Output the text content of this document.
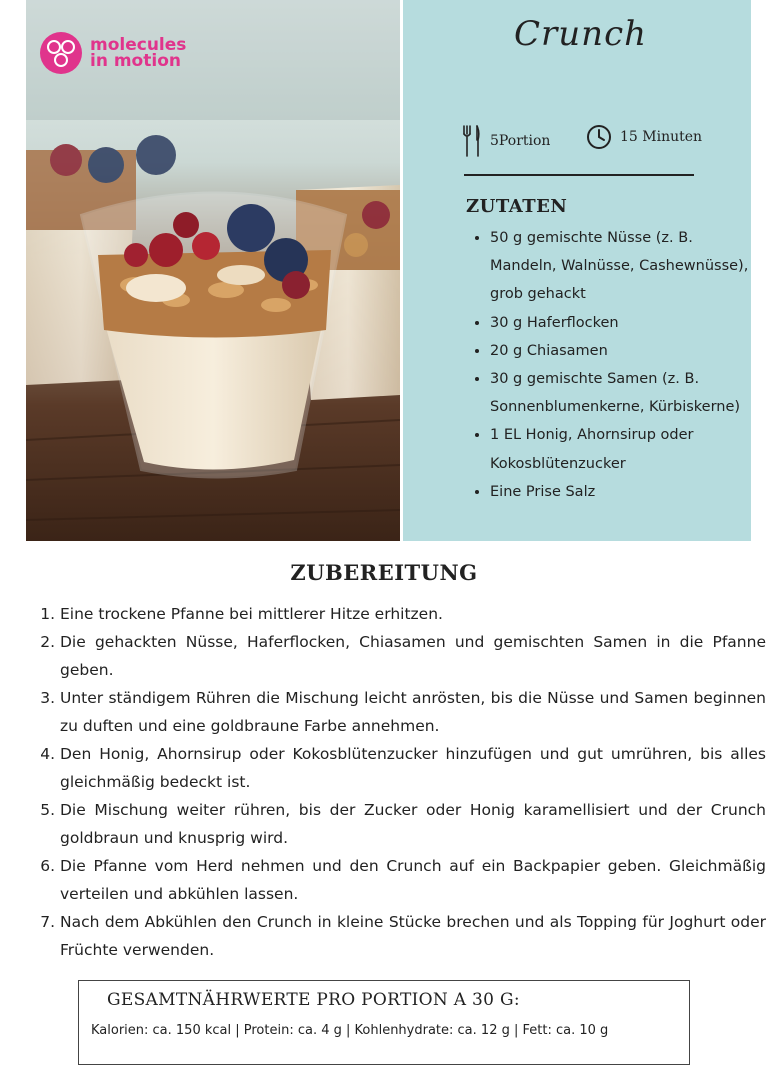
molecules
in motion
Crunch
5Portion	15 Minuten
ZUTATEN
• 50 g gemischte Nüsse (z. B. Mandeln, Walnüsse, Cashewnüsse), grob gehackt
• 30 g Haferflocken
• 20 g Chiasamen
• 30 g gemischte Samen (z. B. Sonnenblumenkerne, Kürbiskerne)
• 1 EL Honig, Ahornsirup oder Kokosblütenzucker
• Eine Prise Salz
ZUBEREITUNG
1. Eine trockene Pfanne bei mittlerer Hitze erhitzen.
2. Die gehackten Nüsse, Haferflocken, Chiasamen und gemischten Samen in die Pfanne geben.
3. Unter ständigem Rühren die Mischung leicht anrösten, bis die Nüsse und Samen beginnen zu duften und eine goldbraune Farbe annehmen.
4. Den Honig, Ahornsirup oder Kokosblütenzucker hinzufügen und gut umrühren, bis alles gleichmäßig bedeckt ist.
5. Die Mischung weiter rühren, bis der Zucker oder Honig karamellisiert und der Crunch goldbraun und knusprig wird.
6. Die Pfanne vom Herd nehmen und den Crunch auf ein Backpapier geben. Gleichmäßig verteilen und abkühlen lassen.
7. Nach dem Abkühlen den Crunch in kleine Stücke brechen und als Topping für Joghurt oder Früchte verwenden.
GESAMTNÄHRWERTE PRO PORTION A 30 G:
Kalorien: ca. 150 kcal | Protein: ca. 4 g | Kohlenhydrate: ca. 12 g | Fett: ca. 10 g
